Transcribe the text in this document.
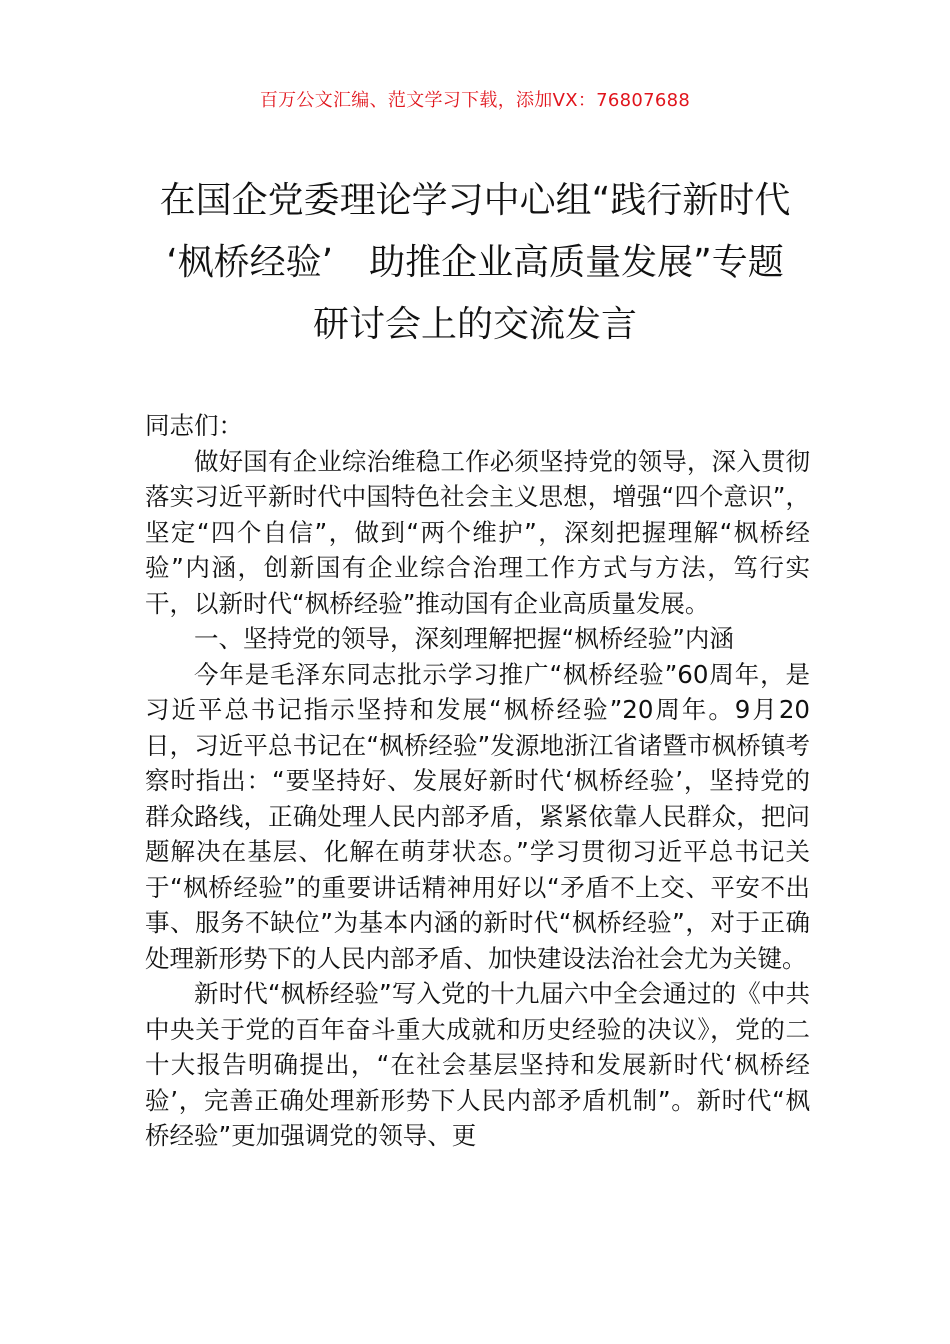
百万公文汇编、范文学习下载，添加VX：76807688
在国企党委理论学习中心组“践行新时代
‘枫桥经验’　助推企业高质量发展”专题
研讨会上的交流发言

同志们：

做好国有企业综治维稳工作必须坚持党的领导，深入贯彻落实习近平新时代中国特色社会主义思想，增强“四个意识”，坚定“四个自信”，做到“两个维护”，深刻把握理解“枫桥经验”内涵，创新国有企业综合治理工作方式与方法，笃行实干，以新时代“枫桥经验”推动国有企业高质量发展。

一、坚持党的领导，深刻理解把握“枫桥经验”内涵

今年是毛泽东同志批示学习推广“枫桥经验”60周年，是习近平总书记指示坚持和发展“枫桥经验”20周年。9月20日，习近平总书记在“枫桥经验”发源地浙江省诸暨市枫桥镇考察时指出：“要坚持好、发展好新时代‘枫桥经验’，坚持党的群众路线，正确处理人民内部矛盾，紧紧依靠人民群众，把问题解决在基层、化解在萌芽状态。”学习贯彻习近平总书记关于“枫桥经验”的重要讲话精神用好以“矛盾不上交、平安不出事、服务不缺位”为基本内涵的新时代“枫桥经验”，对于正确处理新形势下的人民内部矛盾、加快建设法治社会尤为关键。

新时代“枫桥经验”写入党的十九届六中全会通过的《中共中央关于党的百年奋斗重大成就和历史经验的决议》，党的二十大报告明确提出，“在社会基层坚持和发展新时代‘枫桥经验’，完善正确处理新形势下人民内部矛盾机制”。新时代“枫桥经验”更加强调党的领导、更
